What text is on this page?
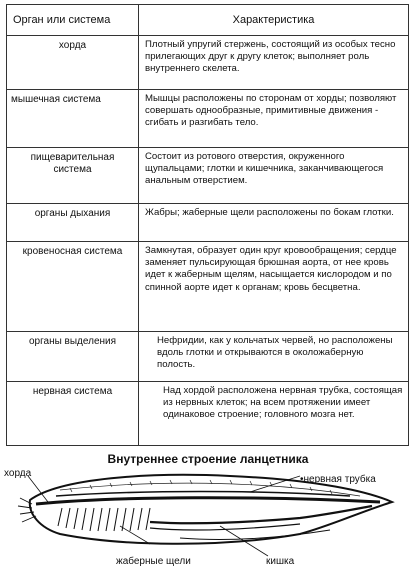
Орган или система	Характеристика
хорда	Плотный упругий стержень, состоящий из особых тесно прилегающих друг к другу клеток; выполняет роль внутреннего скелета.
мышечная система	Мышцы расположены по сторонам от хорды; позволяют совершать однообразные, примитивные движения - сгибать и разгибать тело.
пищеварительная система	Состоит из ротового отверстия, окруженного щупальцами; глотки и кишечника, заканчивающегося анальным отверстием.
органы дыхания	Жабры; жаберные щели расположены по бокам глотки.
кровеносная система	Замкнутая, образует один круг кровообращения; сердце заменяет пульсирующая брюшная аорта, от нее кровь идет к жаберным щелям, насыщается кислородом и по спинной аорте идет к органам; кровь бесцветна.
органы выделения	Нефридии, как у кольчатых червей, но расположены вдоль глотки и открываются в околожаберную полость.
нервная система	Над хордой расположена нервная трубка, состоящая из нервных клеток; на всем протяжении имеет одинаковое строение; головного мозга нет.
Внутреннее строение ланцетника
хорда
•нервная трубка
жаберные щели	кишка
